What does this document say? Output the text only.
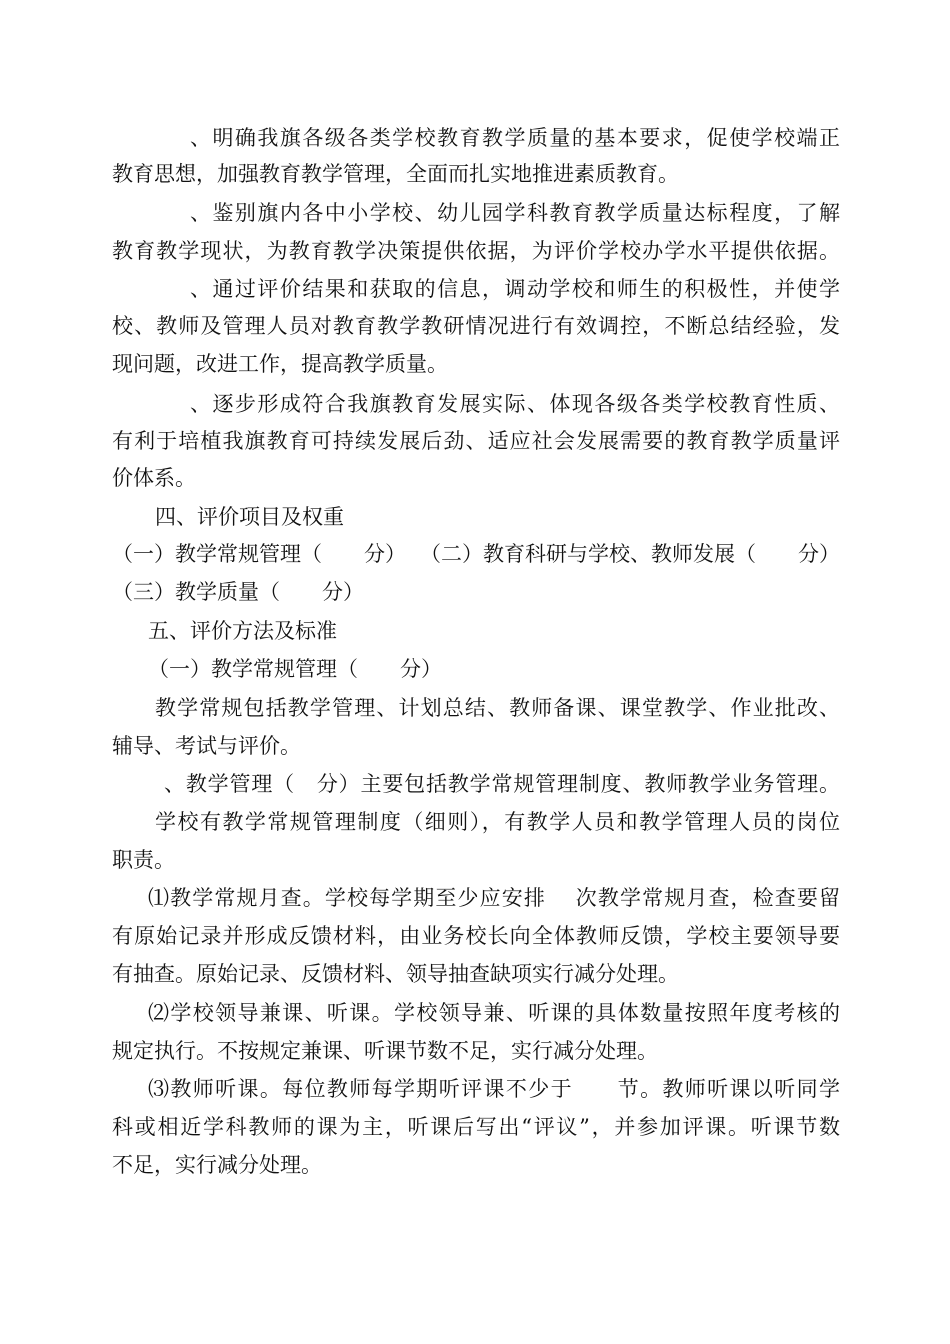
、明确我旗各级各类学校教育教学质量的基本要求，促使学校端正
教育思想，加强教育教学管理，全面而扎实地推进素质教育。
、鉴别旗内各中小学校、幼儿园学科教育教学质量达标程度，了解
教育教学现状，为教育教学决策提供依据，为评价学校办学水平提供依据。
、通过评价结果和获取的信息，调动学校和师生的积极性，并使学
校、教师及管理人员对教育教学教研情况进行有效调控，不断总结经验，发
现问题，改进工作，提高教学质量。
、逐步形成符合我旗教育发展实际、体现各级各类学校教育性质、
有利于培植我旗教育可持续发展后劲、适应社会发展需要的教育教学质量评
价体系。
四、评价项目及权重
（一）教学常规管理（　　分） （二）教育科研与学校、教师发展（　　分）
（三）教学质量（　　分）
五、评价方法及标准
（一）教学常规管理（　　分）
教学常规包括教学管理、计划总结、教师备课、课堂教学、作业批改、
辅导、考试与评价。
、教学管理（　分）主要包括教学常规管理制度、教师教学业务管理。
学校有教学常规管理制度（细则），有教学人员和教学管理人员的岗位
职责。
⑴教学常规月查。学校每学期至少应安排　 次教学常规月查，检查要留
有原始记录并形成反馈材料，由业务校长向全体教师反馈，学校主要领导要
有抽查。原始记录、反馈材料、领导抽查缺项实行减分处理。
⑵学校领导兼课、听课。学校领导兼、听课的具体数量按照年度考核的
规定执行。不按规定兼课、听课节数不足，实行减分处理。
⑶教师听课。每位教师每学期听评课不少于　　节。教师听课以听同学
科或相近学科教师的课为主，听课后写出“评议”，并参加评课。听课节数
不足，实行减分处理。
